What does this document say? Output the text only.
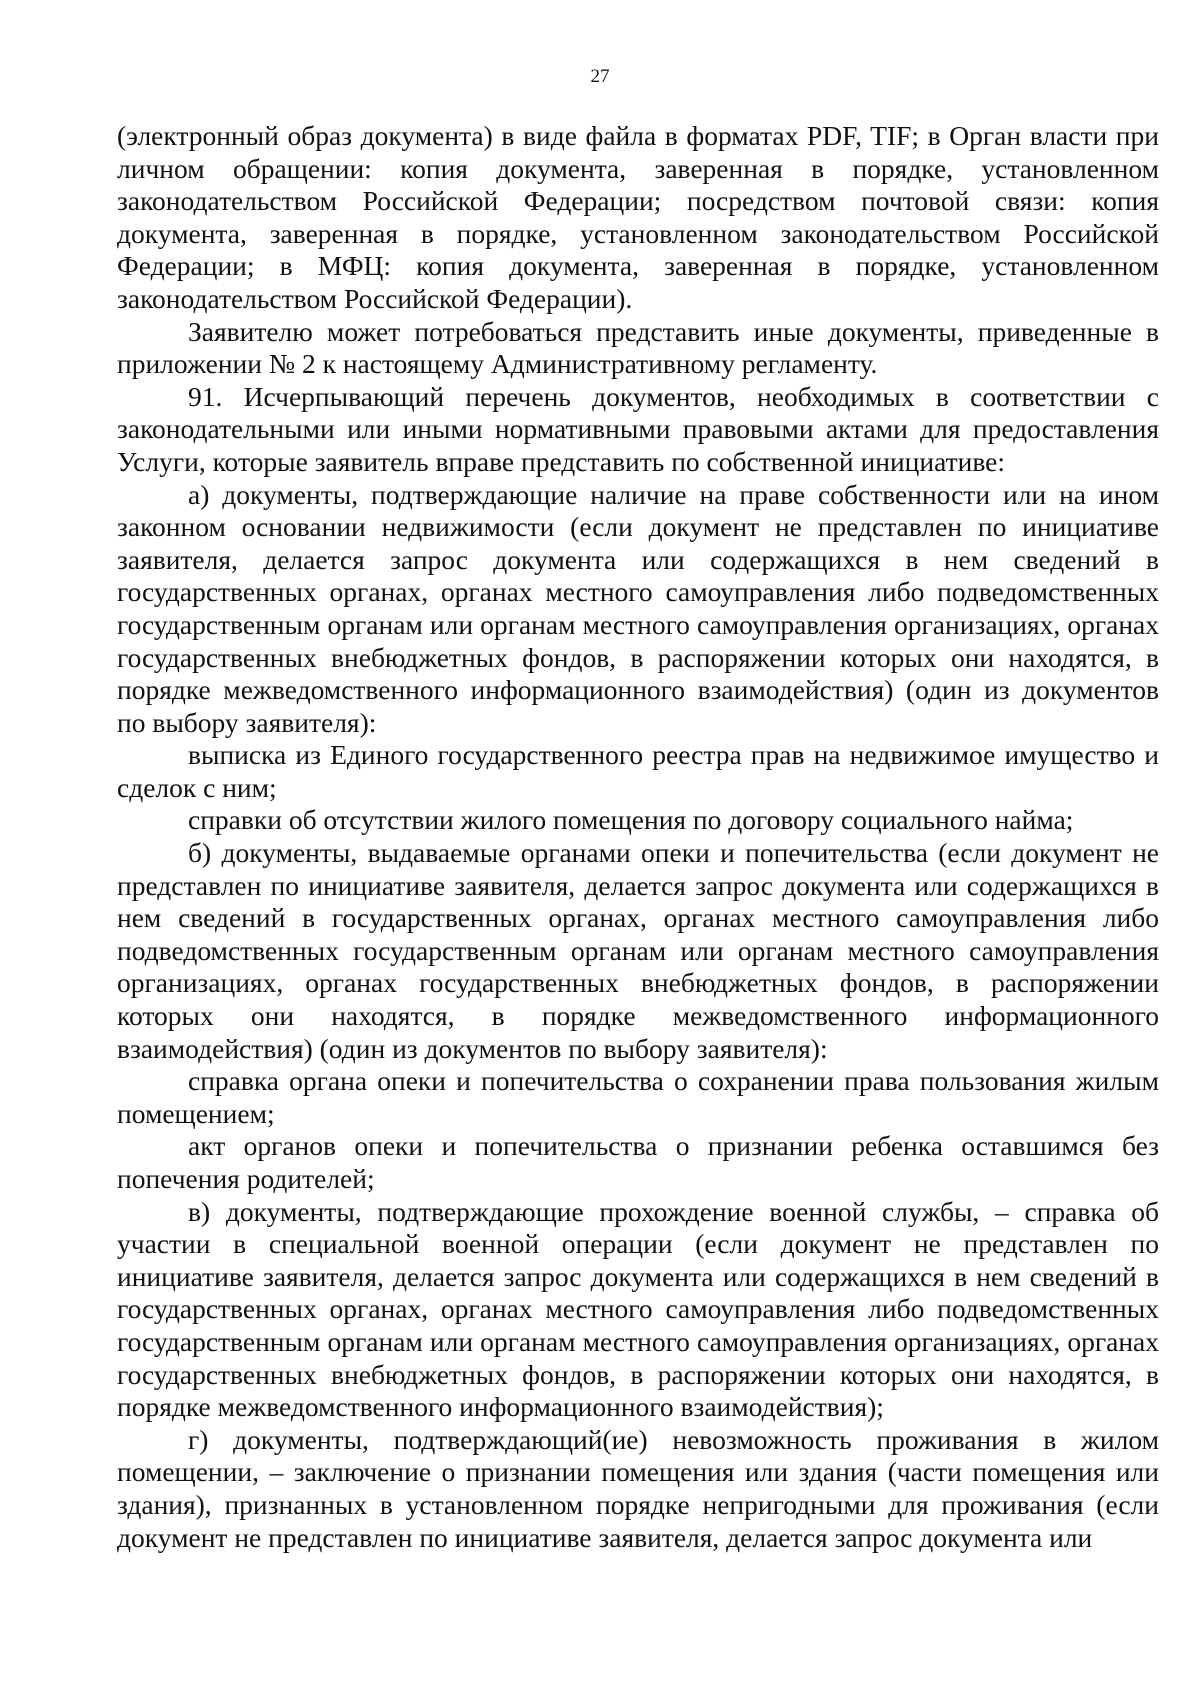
27

(электронный образ документа) в виде файла в форматах PDF, TIF; в Орган власти при личном обращении: копия документа, заверенная в порядке, установленном законодательством Российской Федерации; посредством почтовой связи: копия документа, заверенная в порядке, установленном законодательством Российской Федерации; в МФЦ: копия документа, заверенная в порядке, установленном законодательством Российской Федерации).

Заявителю может потребоваться представить иные документы, приведенные в приложении № 2 к настоящему Административному регламенту.

91. Исчерпывающий перечень документов, необходимых в соответствии с законодательными или иными нормативными правовыми актами для предоставления Услуги, которые заявитель вправе представить по собственной инициативе:

а) документы, подтверждающие наличие на праве собственности или на ином законном основании недвижимости (если документ не представлен по инициативе заявителя, делается запрос документа или содержащихся в нем сведений в государственных органах, органах местного самоуправления либо подведомственных государственным органам или органам местного самоуправления организациях, органах государственных внебюджетных фондов, в распоряжении которых они находятся, в порядке межведомственного информационного взаимодействия) (один из документов по выбору заявителя):

выписка из Единого государственного реестра прав на недвижимое имущество и сделок с ним;

справки об отсутствии жилого помещения по договору социального найма;

б) документы, выдаваемые органами опеки и попечительства (если документ не представлен по инициативе заявителя, делается запрос документа или содержащихся в нем сведений в государственных органах, органах местного самоуправления либо подведомственных государственным органам или органам местного самоуправления организациях, органах государственных внебюджетных фондов, в распоряжении которых они находятся, в порядке межведомственного информационного взаимодействия) (один из документов по выбору заявителя):

справка органа опеки и попечительства о сохранении права пользования жилым помещением;

акт органов опеки и попечительства о признании ребенка оставшимся без попечения родителей;

в) документы, подтверждающие прохождение военной службы, – справка об участии в специальной военной операции (если документ не представлен по инициативе заявителя, делается запрос документа или содержащихся в нем сведений в государственных органах, органах местного самоуправления либо подведомственных государственным органам или органам местного самоуправления организациях, органах государственных внебюджетных фондов, в распоряжении которых они находятся, в порядке межведомственного информационного взаимодействия);

г) документы, подтверждающий(ие) невозможность проживания в жилом помещении, – заключение о признании помещения или здания (части помещения или здания), признанных в установленном порядке непригодными для проживания (если документ не представлен по инициативе заявителя, делается запрос документа или
